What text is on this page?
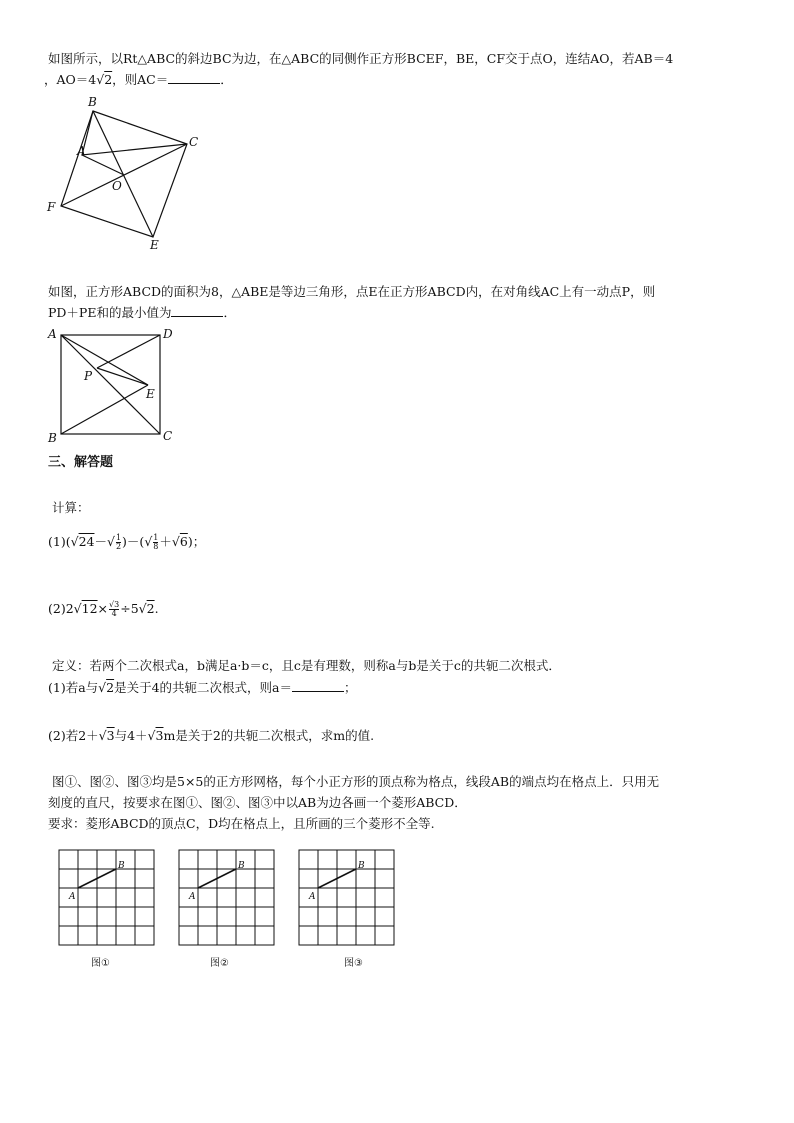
如图所示，以Rt△ABC的斜边BC为边，在△ABC的同侧作正方形BCEF，BE，CF交于点O，连结AO，若AB＝4
，AO＝4√2，则AC＝	．
B
A
C
O
F
E
如图，正方形ABCD的面积为8，△ABE是等边三角形，点E在正方形ABCD内，在对角线AC上有一动点P，则
PD＋PE和的最小值为	．
A	D
P
E
B	C
三、解答题
计算：
$(1)(√24-√ \frac{1}{2}$ )－(√ $\frac{1}{8} +√6$)；
$(2)2√12\times \frac{√3}{4} \div 5√2$.
定义：若两个二次根式a，b满足a·b＝c，且c是有理数，则称a与b是关于c的共轭二次根式．
(1)若a与√2是关于4的共轭二次根式，则a＝	；
(2)若2＋√3与4＋√3m是关于2的共轭二次根式，求m的值.
图①、图②、图③均是5×5的正方形网格，每个小正方形的顶点称为格点，线段AB的端点均在格点上．只用无
刻度的直尺，按要求在图①、图②、图③中以AB为边各画一个菱形ABCD．
要求：菱形ABCD的顶点C，D均在格点上，且所画的三个菱形不全等.
A
B
图①
A
B
图②
A
B
图③
